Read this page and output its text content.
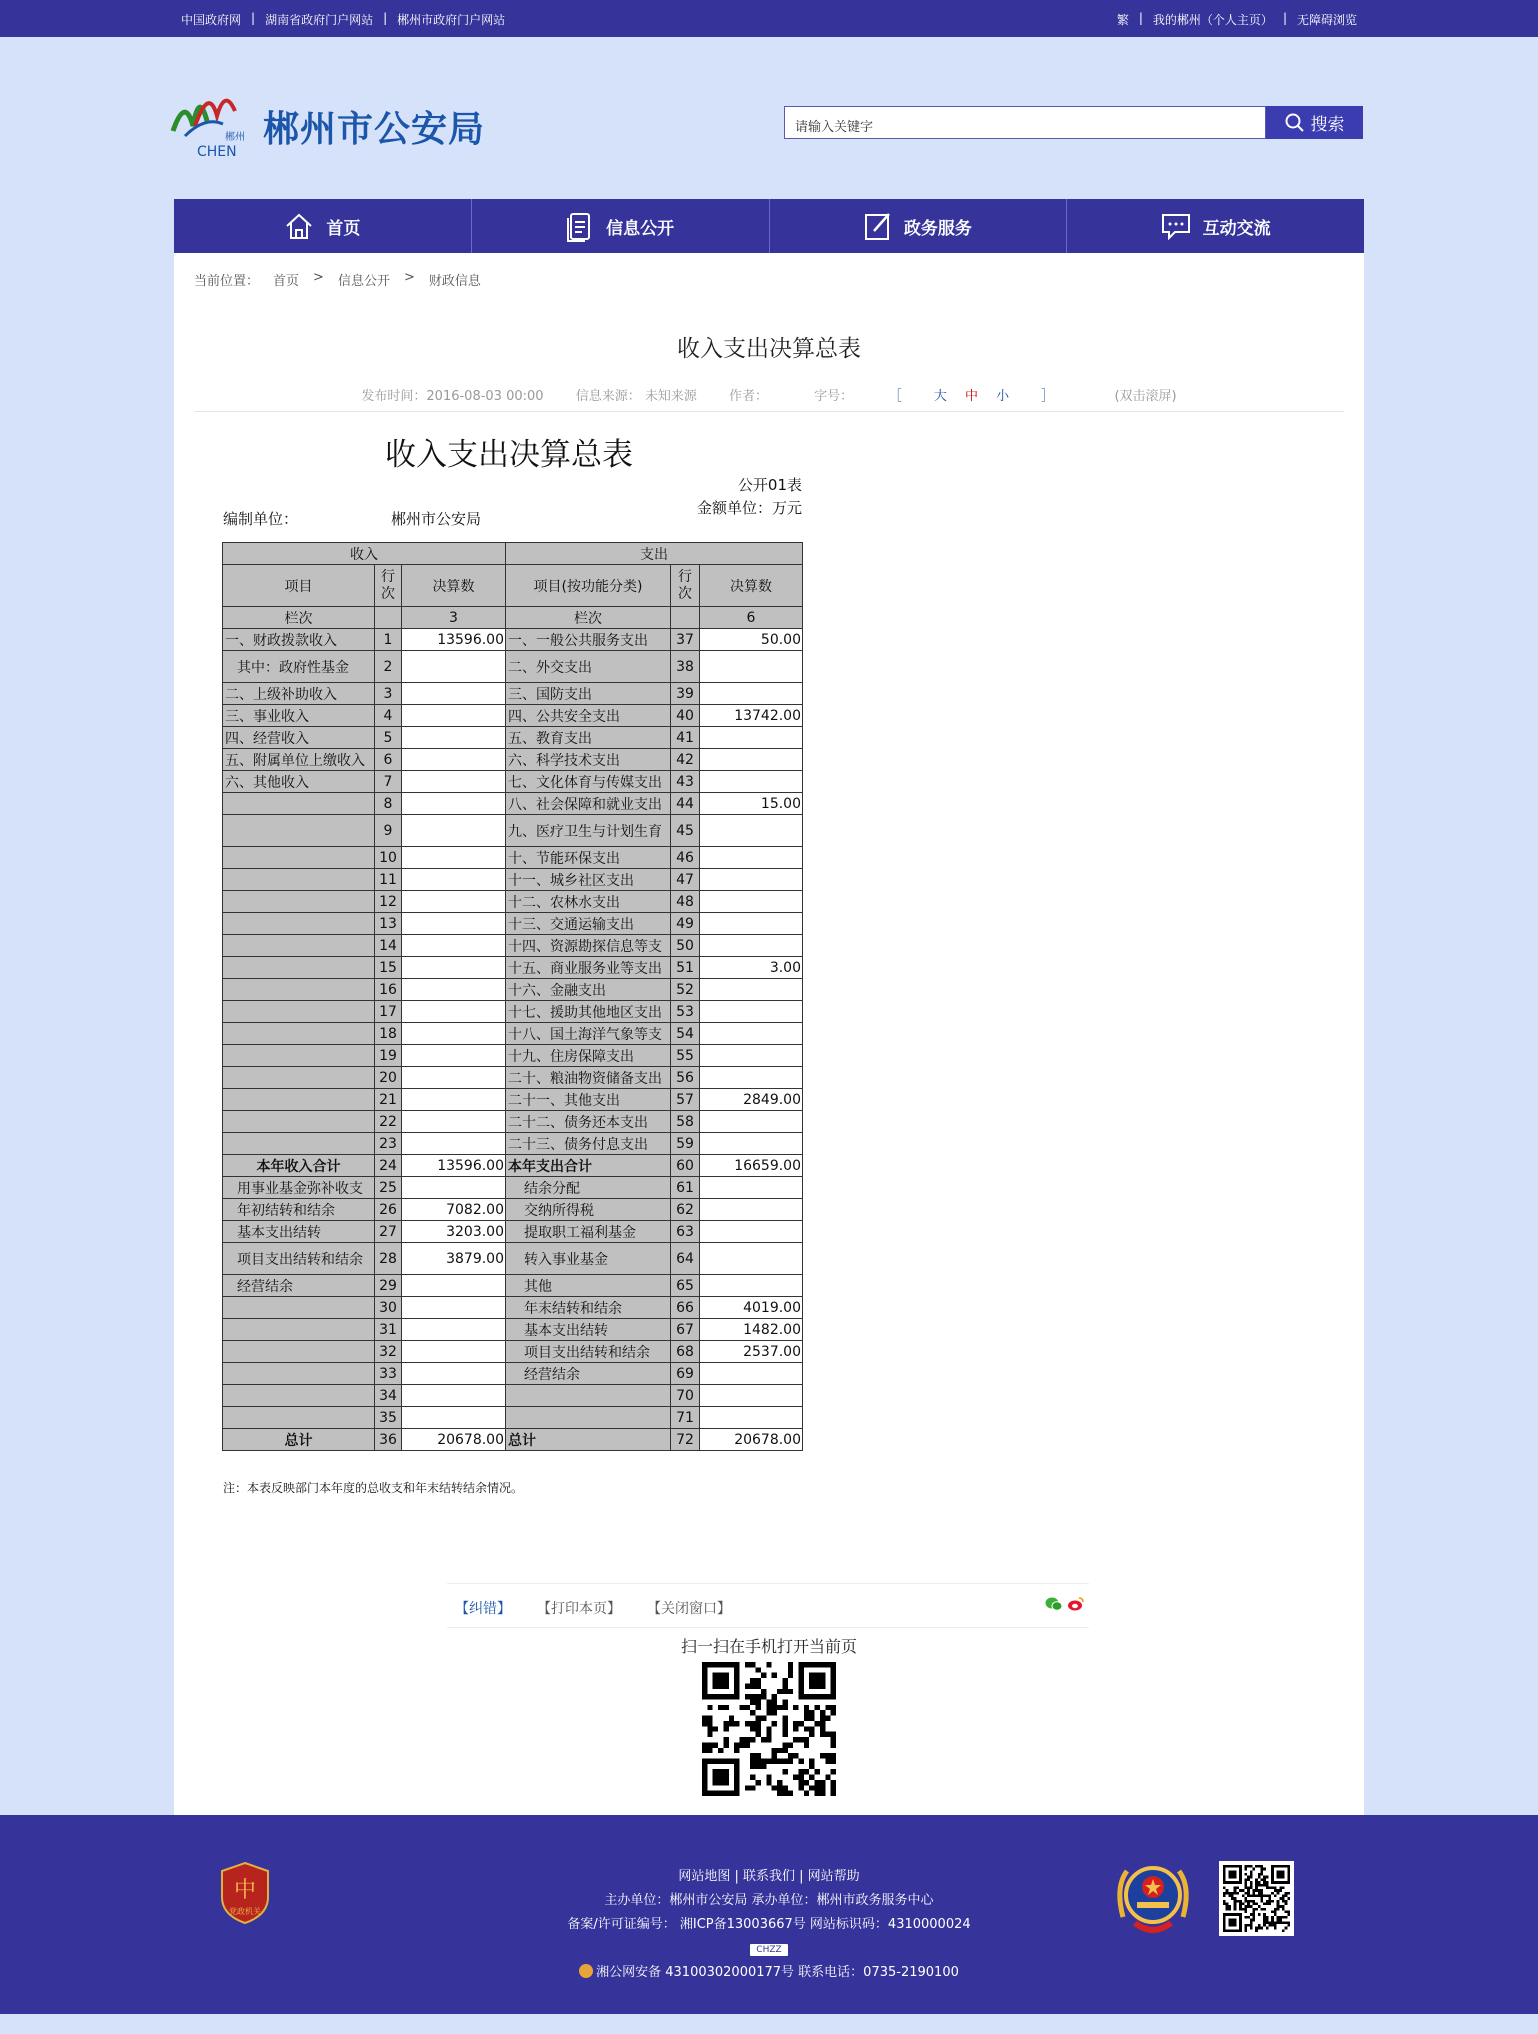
中国政府网 | 湖南省政府门户网站 | 郴州市政府门户网站	繁 | 我的郴州（个人主页） | 无障碍浏览
郴州
CHEN
郴州市公安局	请输入关键字	搜索
首页	信息公开	政务服务	互动交流
当前位置： 首页 > 信息公开 > 财政信息
收入支出决算总表
发布时间：2016-08-03 00:00 信息来源： 未知来源 作者：	字号：	［ 大 中 小 ］	(双击滚屏)
收入支出决算总表
公开01表
金额单位：万元
编制单位：	郴州市公安局
收入			支出		
项目	行次	决算数	项目(按功能分类)	行次	决算数
栏次		3	栏次		6
一、财政拨款收入	1	13596.00	一、一般公共服务支出	37	50.00
其中：政府性基金	2		二、外交支出	38	
二、上级补助收入	3		三、国防支出	39	
三、事业收入	4		四、公共安全支出	40	13742.00
四、经营收入	5		五、教育支出	41	
五、附属单位上缴收入	6		六、科学技术支出	42	
六、其他收入	7		七、文化体育与传媒支出	43	
	8		八、社会保障和就业支出	44	15.00
	9		九、医疗卫生与计划生育	45	
	10		十、节能环保支出	46	
	11		十一、城乡社区支出	47	
	12		十二、农林水支出	48	
	13		十三、交通运输支出	49	
	14		十四、资源勘探信息等支	50	
	15		十五、商业服务业等支出	51	3.00
	16		十六、金融支出	52	
	17		十七、援助其他地区支出	53	
	18		十八、国土海洋气象等支	54	
	19		十九、住房保障支出	55	
	20		二十、粮油物资储备支出	56	
	21		二十一、其他支出	57	2849.00
	22		二十二、债务还本支出	58	
	23		二十三、债务付息支出	59	
本年收入合计	24	13596.00	本年支出合计	60	16659.00
用事业基金弥补收支	25		结余分配	61	
年初结转和结余	26	7082.00	交纳所得税	62	
基本支出结转	27	3203.00	提取职工福利基金	63	
项目支出结转和结余	28	3879.00	转入事业基金	64	
经营结余	29		其他	65	
	30		年末结转和结余	66	4019.00
	31		基本支出结转	67	1482.00
	32		项目支出结转和结余	68	2537.00
	33		经营结余	69	
	34			70	
	35			71	
总计	36	20678.00	总计	72	20678.00
注：本表反映部门本年度的总收支和年末结转结余情况。
【纠错】 【打印本页】 【关闭窗口】
扫一扫在手机打开当前页
中
党政机关
网站地图 | 联系我们 | 网站帮助
主办单位：郴州市公安局 承办单位：郴州市政务服务中心
备案/许可证编号： 湘ICP备13003667号 网站标识码：4310000024
CHZZ
湘公网安备 43100302000177号 联系电话：0735-2190100
